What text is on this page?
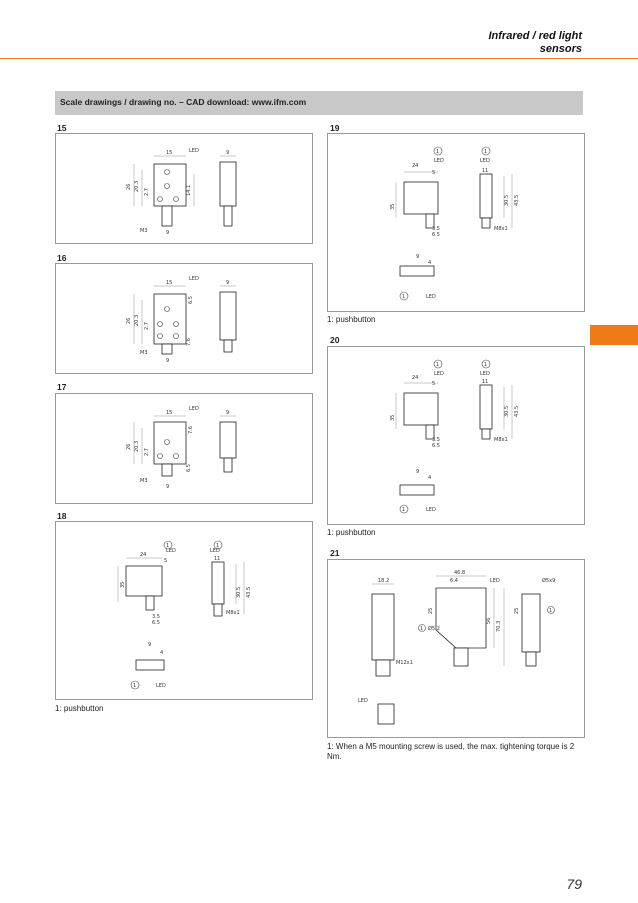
Infrared / red light
sensors
Scale drawings / drawing no. – CAD download: www.ifm.com
15
15	LED	9
26 20.3
2.7	14.1
M3	9
16
15
LED
9
26 20.3
2.7
6.5
7.6
M3
9
17
15
LED
9
26 20.3
2.7
7.6
6.5
M3
9
18
1	1
LED	LED
24
5	11
35
3.5
6.5
30.5 43.5
M8x1
9
4
1	LED
1: pushbutton
19
1	1
LED	LED
24
5	11
35
3.5
6.5
30.5 43.5
M8x1
9
4
1	LED
1: pushbutton
20
1	1
LED	LED
24
5	11
35
3.5
6.5
30.5 43.5
M8x1
9
4
1	LED
1: pushbutton
21
18.2
46.8
6.4	LED	Ø5x9
25
56
70.3
1 Ø5.2
M12x1
LED
25	1
1: When a M5 mounting screw is used, the max. tightening torque is 2 Nm.
79
